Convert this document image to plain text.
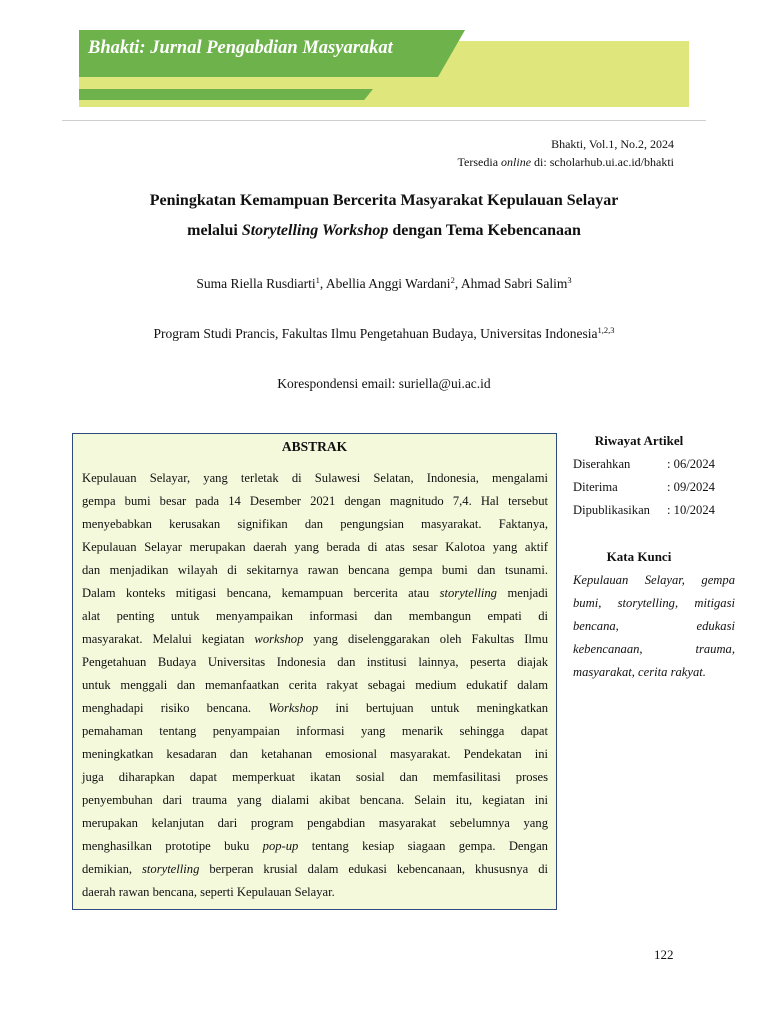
Bhakti: Jurnal Pengabdian Masyarakat
Bhakti, Vol.1, No.2, 2024
Tersedia online di: scholarhub.ui.ac.id/bhakti
Peningkatan Kemampuan Bercerita Masyarakat Kepulauan Selayar
melalui Storytelling Workshop dengan Tema Kebencanaan
Suma Riella Rusdiarti$^1$, Abellia Anggi Wardani$^2$, Ahmad Sabri Salim$^3$
Program Studi Prancis, Fakultas Ilmu Pengetahuan Budaya, Universitas Indonesia$^{1,2,3}$
Korespondensi email: suriella@ui.ac.id
ABSTRAK
Kepulauan Selayar, yang terletak di Sulawesi Selatan, Indonesia, mengalami
gempa bumi besar pada 14 Desember 2021 dengan magnitudo 7,4. Hal tersebut
menyebabkan kerusakan signifikan dan pengungsian masyarakat. Faktanya,
Kepulauan Selayar merupakan daerah yang berada di atas sesar Kalotoa yang aktif
dan menjadikan wilayah di sekitarnya rawan bencana gempa bumi dan tsunami.
Dalam konteks mitigasi bencana, kemampuan bercerita atau storytelling menjadi
alat penting untuk menyampaikan informasi dan membangun empati di
masyarakat. Melalui kegiatan workshop yang diselenggarakan oleh Fakultas Ilmu
Pengetahuan Budaya Universitas Indonesia dan institusi lainnya, peserta diajak
untuk menggali dan memanfaatkan cerita rakyat sebagai medium edukatif dalam
menghadapi risiko bencana. Workshop ini bertujuan untuk meningkatkan
pemahaman tentang penyampaian informasi yang menarik sehingga dapat
meningkatkan kesadaran dan ketahanan emosional masyarakat. Pendekatan ini
juga diharapkan dapat memperkuat ikatan sosial dan memfasilitasi proses
penyembuhan dari trauma yang dialami akibat bencana. Selain itu, kegiatan ini
merupakan kelanjutan dari program pengabdian masyarakat sebelumnya yang
menghasilkan prototipe buku pop-up tentang kesiap siagaan gempa. Dengan
demikian, storytelling berperan krusial dalam edukasi kebencanaan, khususnya di
daerah rawan bencana, seperti Kepulauan Selayar.
Riwayat Artikel
Diserahkan	: 06/2024
Diterima	: 09/2024
Dipublikasikan : 10/2024
Kata Kunci
Kepulauan Selayar, gempa
bumi, storytelling, mitigasi
bencana, edukasi
kebencanaan, trauma,
masyarakat, cerita rakyat.
122
